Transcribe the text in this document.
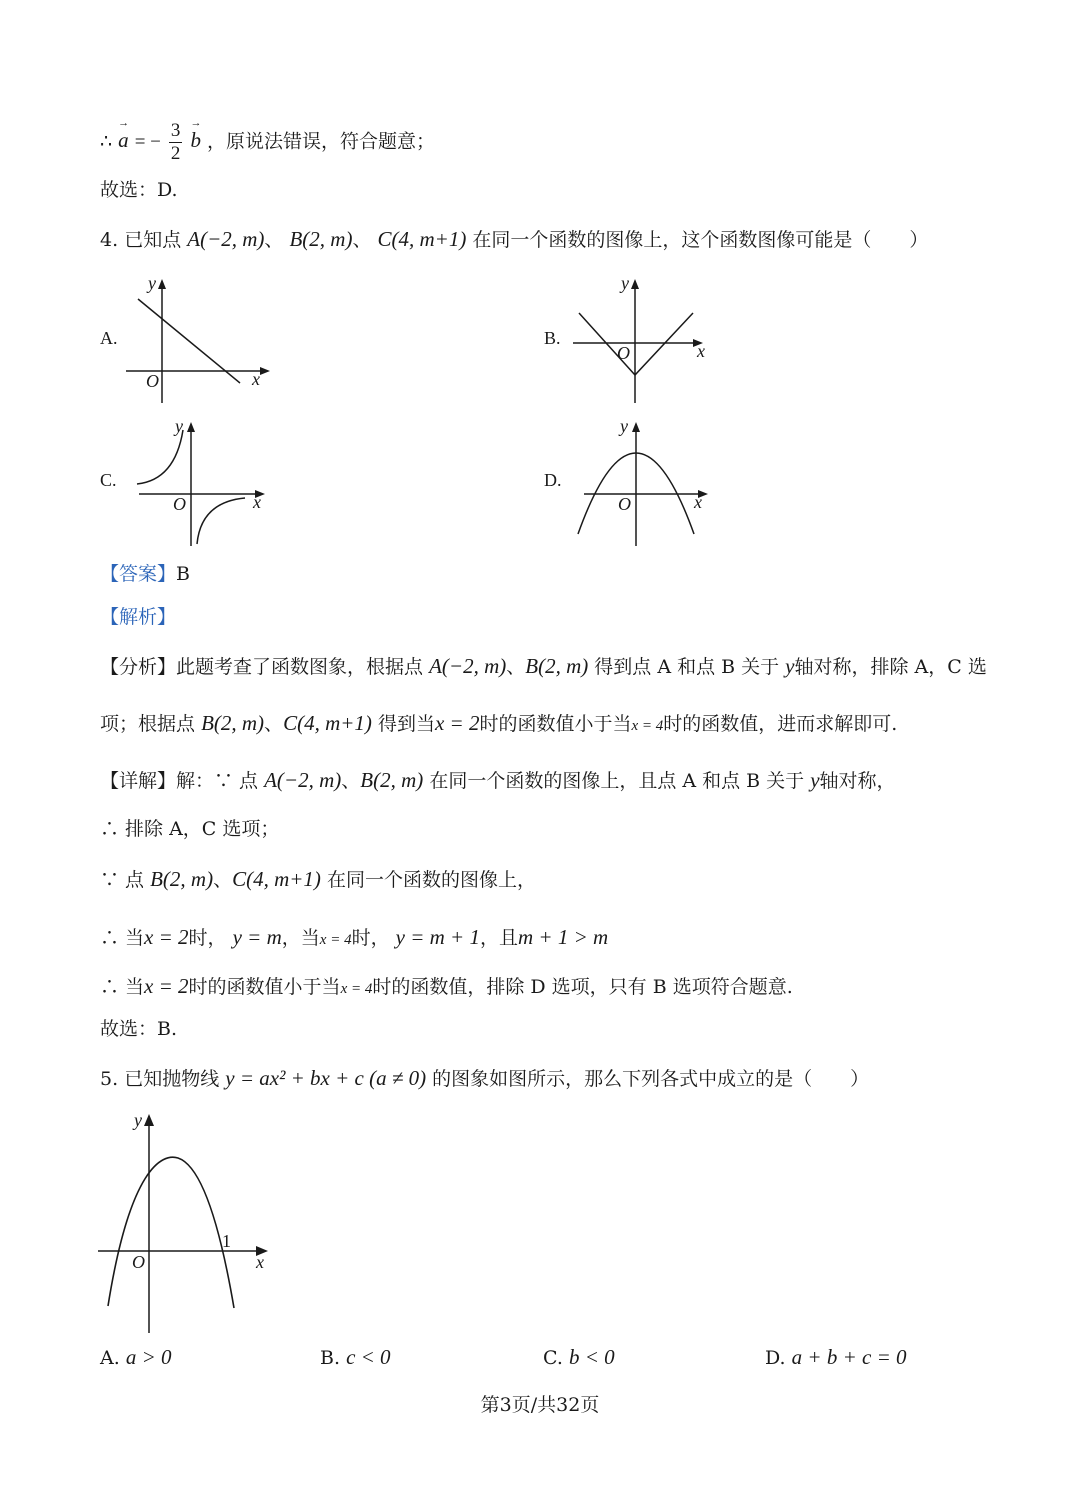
∴ → a = − $\frac{3}{2}$
→ b ，原说法错误，符合题意；
故选：D.
4. 已知点 A(−2, m)、 B(2, m)、 C(4, m+1) 在同一个函数的图像上，这个函数图像可能是（　　）
A.
y
x
O
B.
y
x
O
C.
y
x
O
D.
y
x
O
【答案】B
【解析】
【分析】此题考查了函数图象，根据点 A(−2, m)、B(2, m) 得到点 A 和点 B 关于 y轴对称，排除 A，C 选
项；根据点 B(2, m)、C(4, m+1) 得到当x = 2时的函数值小于当x = 4时的函数值，进而求解即可.
【详解】解：∵ 点 A(−2, m)、B(2, m) 在同一个函数的图像上，且点 A 和点 B 关于 y轴对称，
∴ 排除 A，C 选项；
∵ 点 B(2, m)、C(4, m+1) 在同一个函数的图像上，
∴ 当x = 2时， y = m，当x = 4时， y = m + 1，且m + 1 > m
∴ 当x = 2时的函数值小于当x = 4时的函数值，排除 D 选项，只有 B 选项符合题意.
故选：B.
5. 已知抛物线 y = ax² + bx + c (a ≠ 0) 的图象如图所示，那么下列各式中成立的是（　　）
y
x
O
1
A. a > 0	B. c < 0	C. b < 0	D. a + b + c = 0
第3页/共32页
